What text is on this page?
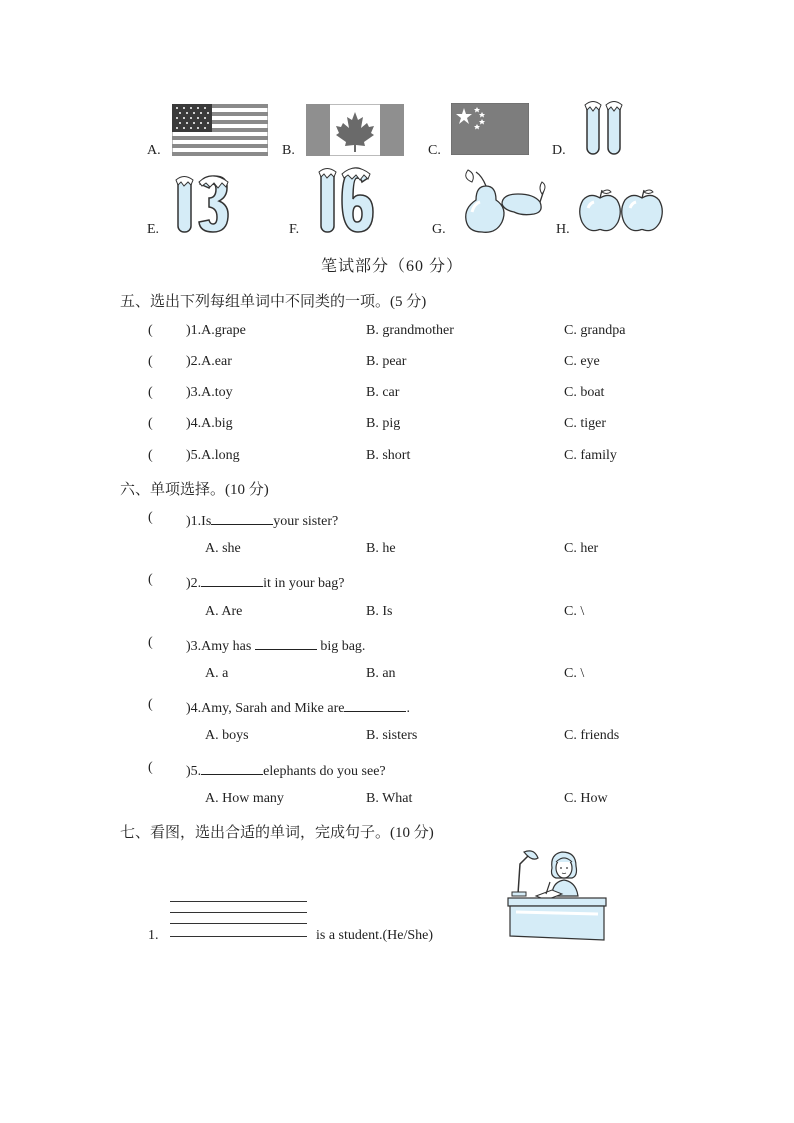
A.	B.	C.	D.
E.	F.	G.	H.
笔试部分（60 分）
五、选出下列每组单词中不同类的一项。(5 分)
( )1.A.grape	B. grandmother	C. grandpa
( )2.A.ear	B. pear	C. eye
( )3.A.toy	B. car	C. boat
( )4.A.big	B. pig	C. tiger
( )5.A.long	B. short	C. family
六、单项选择。(10 分)
( )1.Is	your sister?
A. she	B. he	C. her
( )2.	it in your bag?
A. Are	B. Is	C. \
( )3.Amy has	big bag.
A. a	B. an	C. \
( )4.Amy, Sarah and Mike are	.
A. boys	B. sisters	C. friends
( )5.	elephants do you see?
A. How many	B. What	C. How
七、看图，选出合适的单词，完成句子。(10 分)
1.	is a student.(He/She)
